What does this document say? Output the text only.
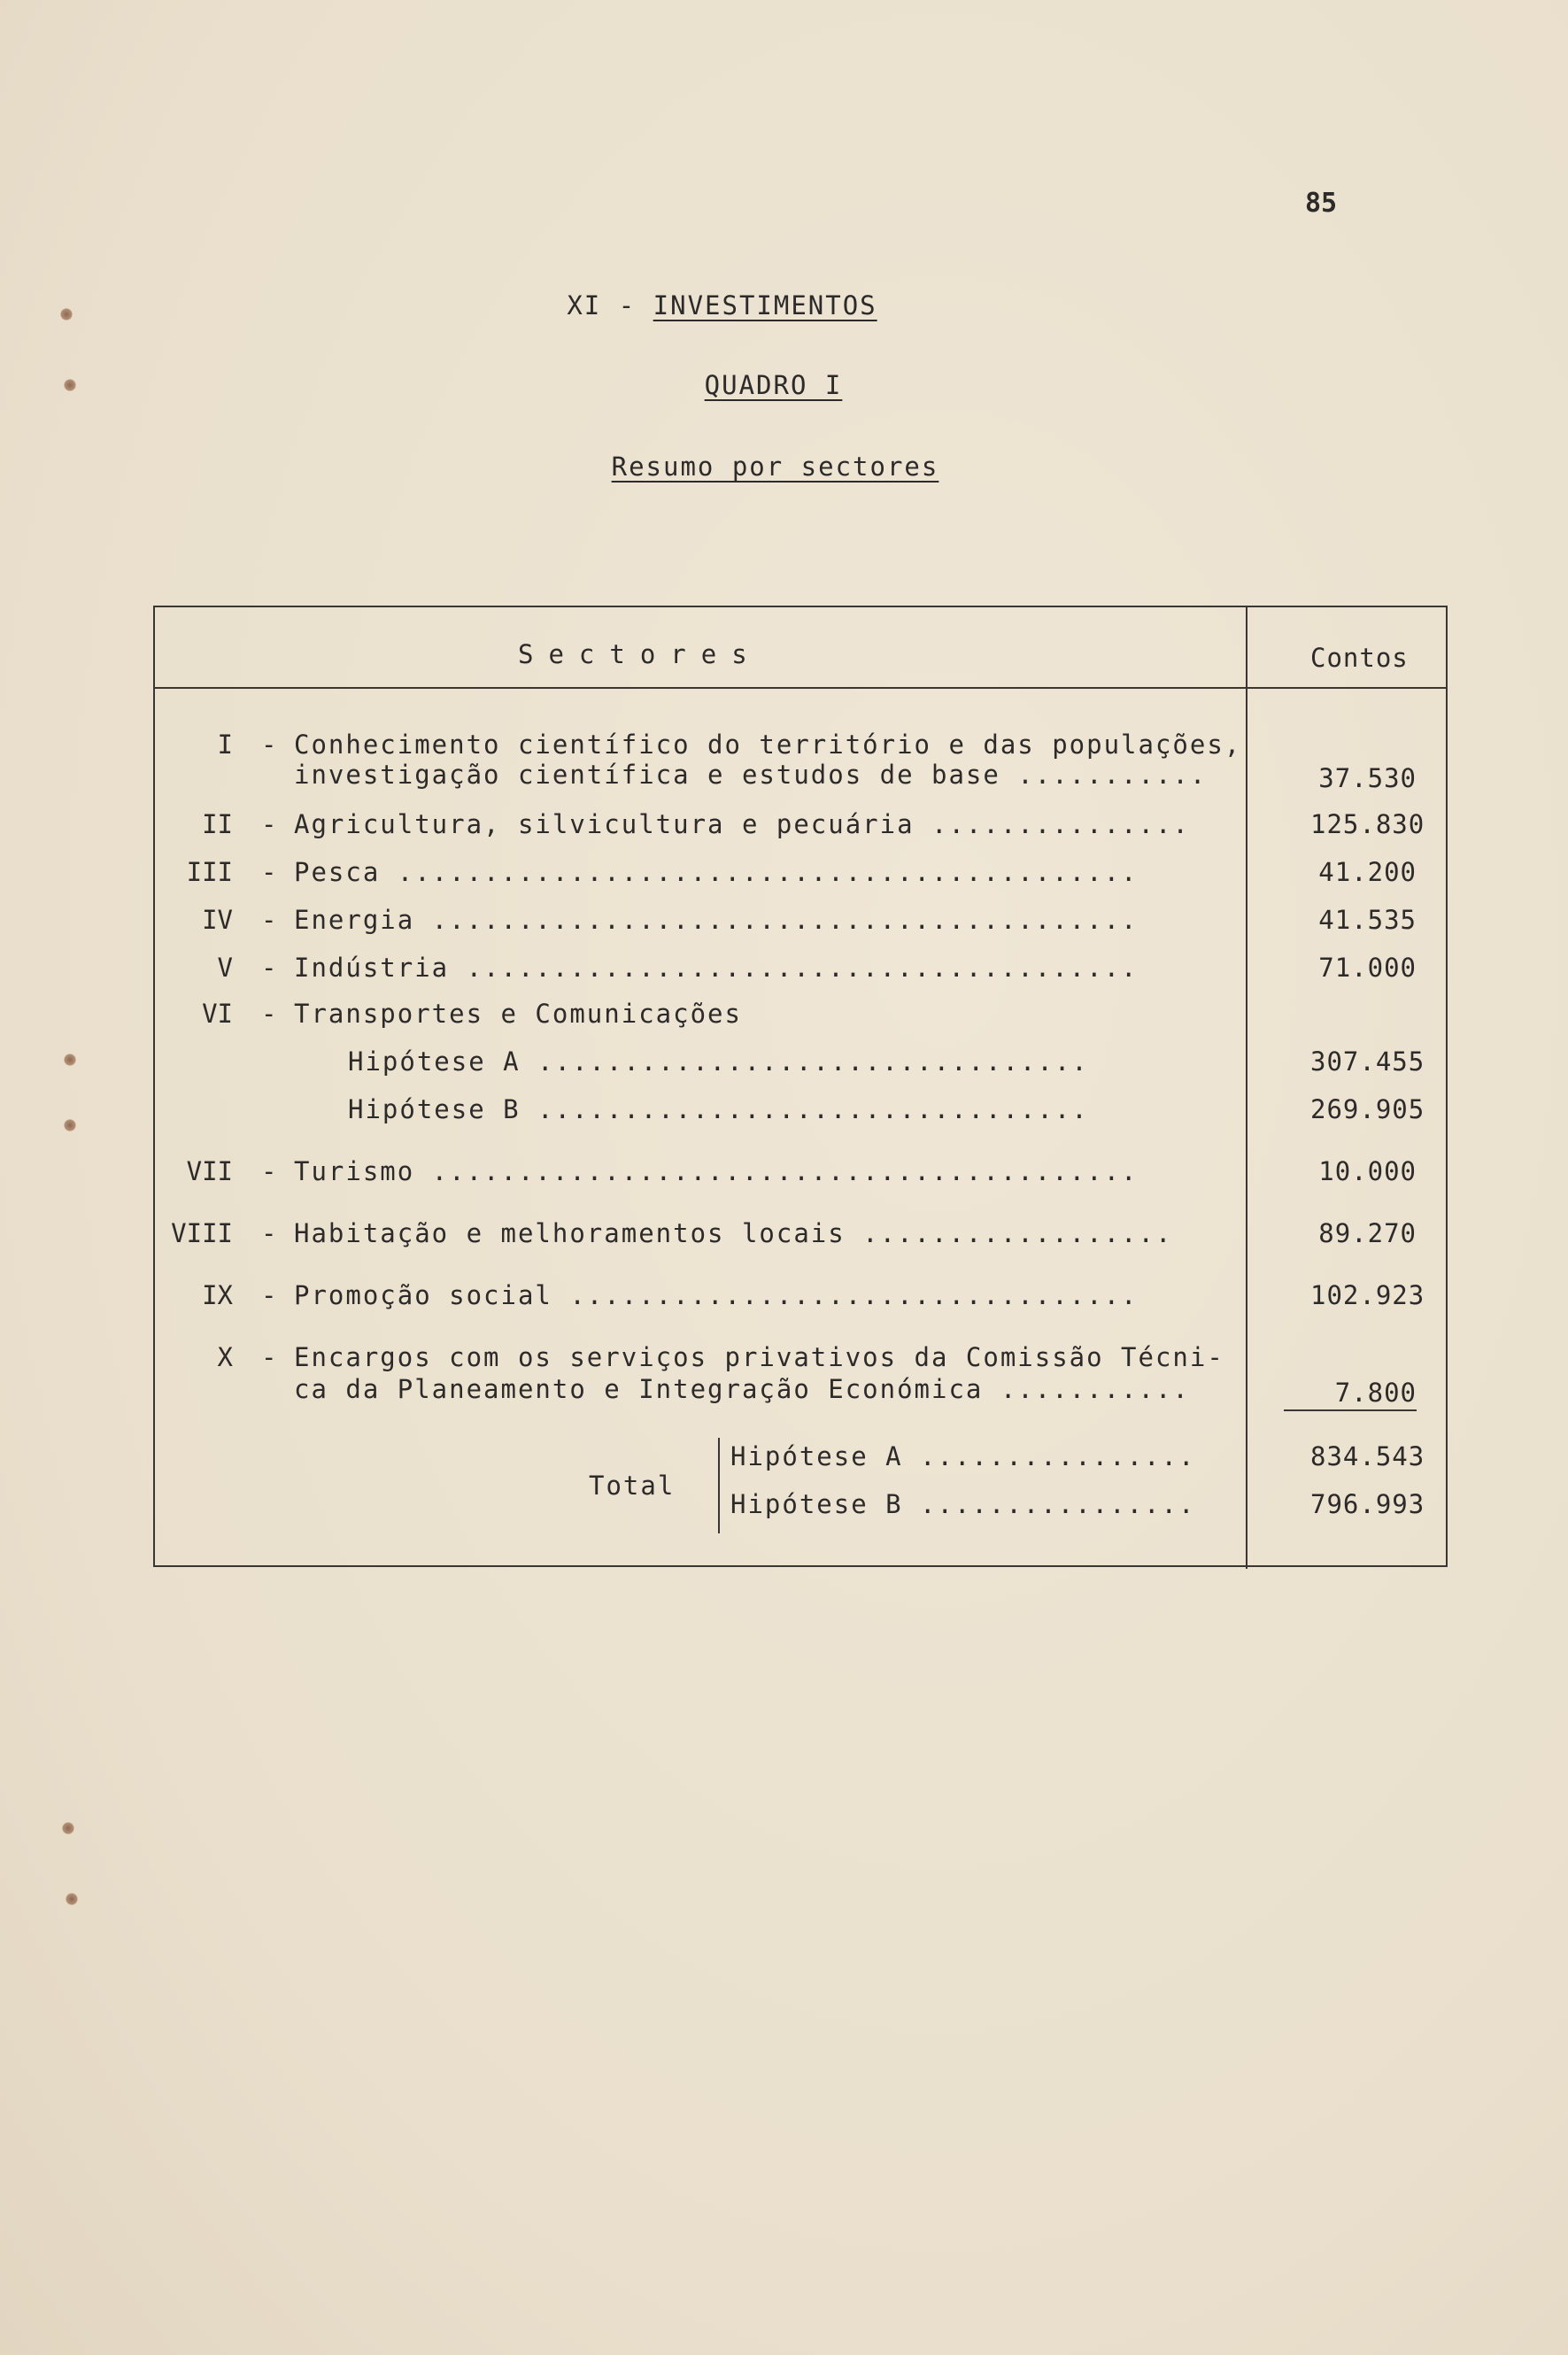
85
XI - INVESTIMENTOS
QUADRO I
Resumo por sectores
Sectores	Contos
I - Conhecimento científico do território e das populações,
investigação científica e estudos de base ...........	37.530
II - Agricultura, silvicultura e pecuária ...............	125.830
III - Pesca ...........................................	41.200
IV - Energia .........................................	41.535
V - Indústria .......................................	71.000
VI - Transportes e Comunicações
Hipótese A ................................	307.455
Hipótese B ................................	269.905
VII - Turismo .........................................	10.000
VIII - Habitação e melhoramentos locais ..................	89.270
IX - Promoção social .................................	102.923
X - Encargos com os serviços privativos da Comissão Técni-
ca da Planeamento e Integração Económica ...........	7.800
Total
Hipótese A ................	834.543
Hipótese B ................	796.993
